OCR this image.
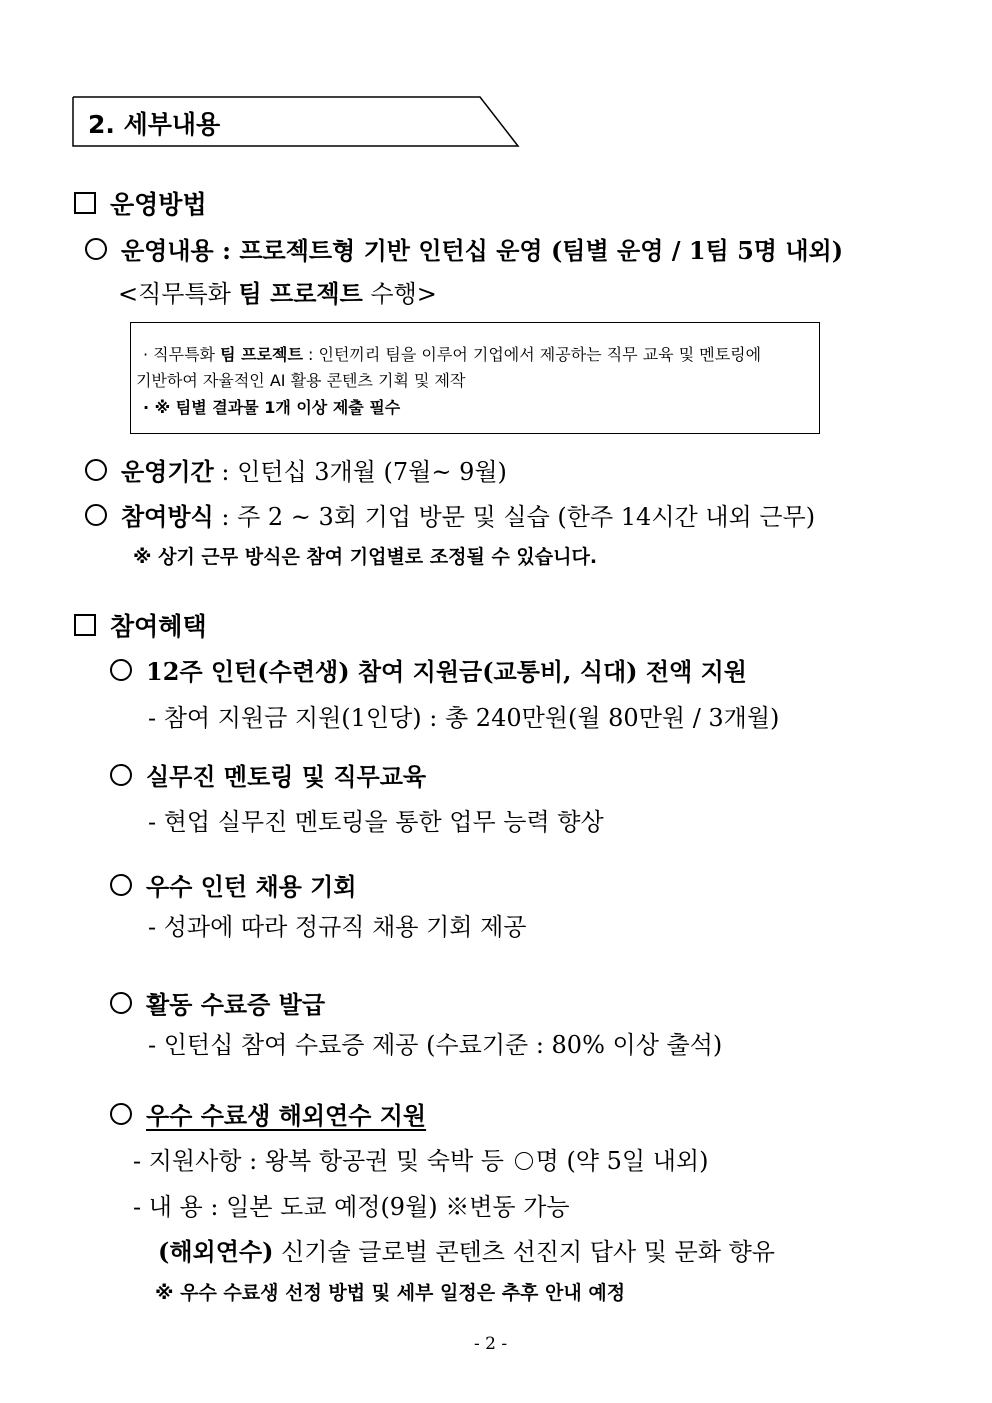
2. 세부내용
운영방법
운영내용 : 프로젝트형 기반 인턴십 운영 (팀별 운영 / 1팀 5명 내외)
<직무특화 팀 프로젝트 수행>
· 직무특화 팀 프로젝트 : 인턴끼리 팀을 이루어 기업에서 제공하는 직무 교육 및 멘토링에
기반하여 자율적인 AI 활용 콘텐츠 기획 및 제작
· ※ 팀별 결과물 1개 이상 제출 필수
운영기간 : 인턴십 3개월 (7월~ 9월)
참여방식 : 주 2 ~ 3회 기업 방문 및 실습 (한주 14시간 내외 근무)
※ 상기 근무 방식은 참여 기업별로 조정될 수 있습니다.
참여혜택
12주 인턴(수련생) 참여 지원금(교통비, 식대) 전액 지원
- 참여 지원금 지원(1인당) : 총 240만원(월 80만원 / 3개월)
실무진 멘토링 및 직무교육
- 현업 실무진 멘토링을 통한 업무 능력 향상
우수 인턴 채용 기회
- 성과에 따라 정규직 채용 기회 제공
활동 수료증 발급
- 인턴십 참여 수료증 제공 (수료기준 : 80% 이상 출석)
우수 수료생 해외연수 지원
- 지원사항 : 왕복 항공권 및 숙박 등 명 (약 5일 내외)
- 내 용 : 일본 도쿄 예정(9월) ※변동 가능
(해외연수) 신기술 글로벌 콘텐츠 선진지 답사 및 문화 향유
※ 우수 수료생 선정 방법 및 세부 일정은 추후 안내 예정
- 2 -
